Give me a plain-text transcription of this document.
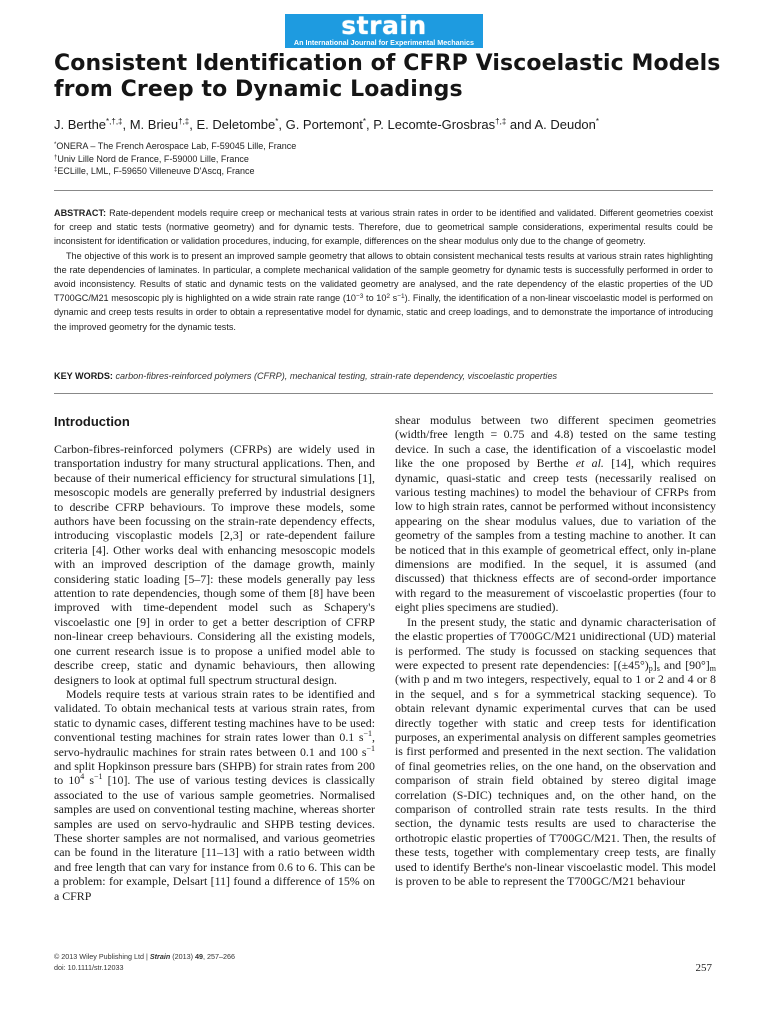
strain
An International Journal for Experimental Mechanics
Consistent Identification of CFRP Viscoelastic Models
from Creep to Dynamic Loadings
J. Berthe*,†,‡, M. Brieu†,‡, E. Deletombe*, G. Portemont*, P. Lecomte-Grosbras†,‡ and A. Deudon*
*ONERA – The French Aerospace Lab, F-59045 Lille, France
†Univ Lille Nord de France, F-59000 Lille, France
‡ECLille, LML, F-59650 Villeneuve D'Ascq, France

ABSTRACT: Rate-dependent models require creep or mechanical tests at various strain rates in order to be identified and validated. Different geometries coexist for creep and static tests (normative geometry) and for dynamic tests. Therefore, due to geometrical sample considerations, experimental results could be inconsistent for identification or validation procedures, inducing, for example, differences on the shear modulus only due to the change of geometry.

The objective of this work is to present an improved sample geometry that allows to obtain consistent mechanical tests results at various strain rates highlighting the rate dependencies of laminates. In particular, a complete mechanical validation of the sample geometry for dynamic tests is successfully performed in order to avoid inconsistency. Results of static and dynamic tests on the validated geometry are analysed, and the rate dependency of the elastic properties of the UD T700GC/M21 mesoscopic ply is highlighted on a wide strain rate range ($10^{-3}$ to $10^2$ $s^{-1}$). Finally, the identification of a non-linear viscoelastic model is performed on dynamic and creep tests results in order to obtain a representative model for dynamic, static and creep loadings, and to demonstrate the importance of introducing the improved geometry for the dynamic tests.

KEY WORDS: carbon-fibres-reinforced polymers (CFRP), mechanical testing, strain-rate dependency, viscoelastic properties
Introduction

Carbon-fibres-reinforced polymers (CFRPs) are widely used in transportation industry for many structural applications. Then, and because of their numerical efficiency for structural simulations [1], mesoscopic models are generally preferred by industrial designers to describe CFRP behaviours. To improve these models, some authors have been focussing on the strain-rate dependency effects, introducing viscoplastic models [2,3] or rate-dependent failure criteria [4]. Other works deal with enhancing mesoscopic models with an improved description of the damage growth, mainly considering static loading [5–7]: these models generally pay less attention to rate dependencies, though some of them [8] have been improved with time-dependent model such as Schapery's viscoelastic one [9] in order to get a better description of CFRP non-linear creep behaviours. Considering all the existing models, one current research issue is to propose a unified model able to describe creep, static and dynamic behaviours, then allowing designers to look at optimal full spectrum structural design.

Models require tests at various strain rates to be identified and validated. To obtain mechanical tests at various strain rates, from static to dynamic cases, different testing machines have to be used: conventional testing machines for strain rates lower than 0.1 $s^{-1}$, servo-hydraulic machines for strain rates between 0.1 and 100 $s^{-1}$ and split Hopkinson pressure bars (SHPB) for strain rates from 200 to $10^4$ $s^{-1}$ [10]. The use of various testing devices is classically associated to the use of various sample geometries. Normalised samples are used on conventional testing machine, whereas shorter samples are used on servo-hydraulic and SHPB testing devices. These shorter samples are not normalised, and various geometries can be found in the literature [11–13] with a ratio between width and free length that can vary for instance from 0.6 to 6. This can be a problem: for example, Delsart [11] found a difference of 15% on a CFRP

shear modulus between two different specimen geometries (width/free length = 0.75 and 4.8) tested on the same testing device. In such a case, the identification of a viscoelastic model like the one proposed by Berthe et al. [14], which requires dynamic, quasi-static and creep tests (necessarily realised on various testing machines) to model the behaviour of CFRPs from low to high strain rates, cannot be performed without inconsistency appearing on the shear modulus values, due to variation of the geometry of the samples from a testing machine to another. It can be noticed that in this example of geometrical effect, only in-plane dimensions are modified. In the sequel, it is assumed (and discussed) that thickness effects are of second-order importance with regard to the measurement of viscoelastic properties (four to eight plies specimens are studied).

In the present study, the static and dynamic characterisation of the elastic properties of T700GC/M21 unidirectional (UD) material is performed. The study is focussed on stacking sequences that were expected to present rate dependencies: $[(\pm 45^\circ)_p]_s$ and $[90^\circ]_m$ (with p and m two integers, respectively, equal to 1 or 2 and 4 or 8 in the sequel, and s for a symmetrical stacking sequence). To obtain relevant dynamic experimental curves that can be used directly together with static and creep tests for identification purposes, an experimental analysis on different samples geometries is first performed and presented in the next section. The validation of final geometries relies, on the one hand, on the observation and comparison of strain field obtained by stereo digital image correlation (S-DIC) techniques and, on the other hand, on the comparison of controlled strain rate tests results. In the third section, the dynamic tests results are used to characterise the orthotropic elastic properties of T700GC/M21. Then, the results of these tests, together with complementary creep tests, are finally used to identify Berthe's non-linear viscoelastic model. This model is proven to be able to represent the T700GC/M21 behaviour

© 2013 Wiley Publishing Ltd | Strain (2013) 49, 257–266
doi: 10.1111/str.12033	257
